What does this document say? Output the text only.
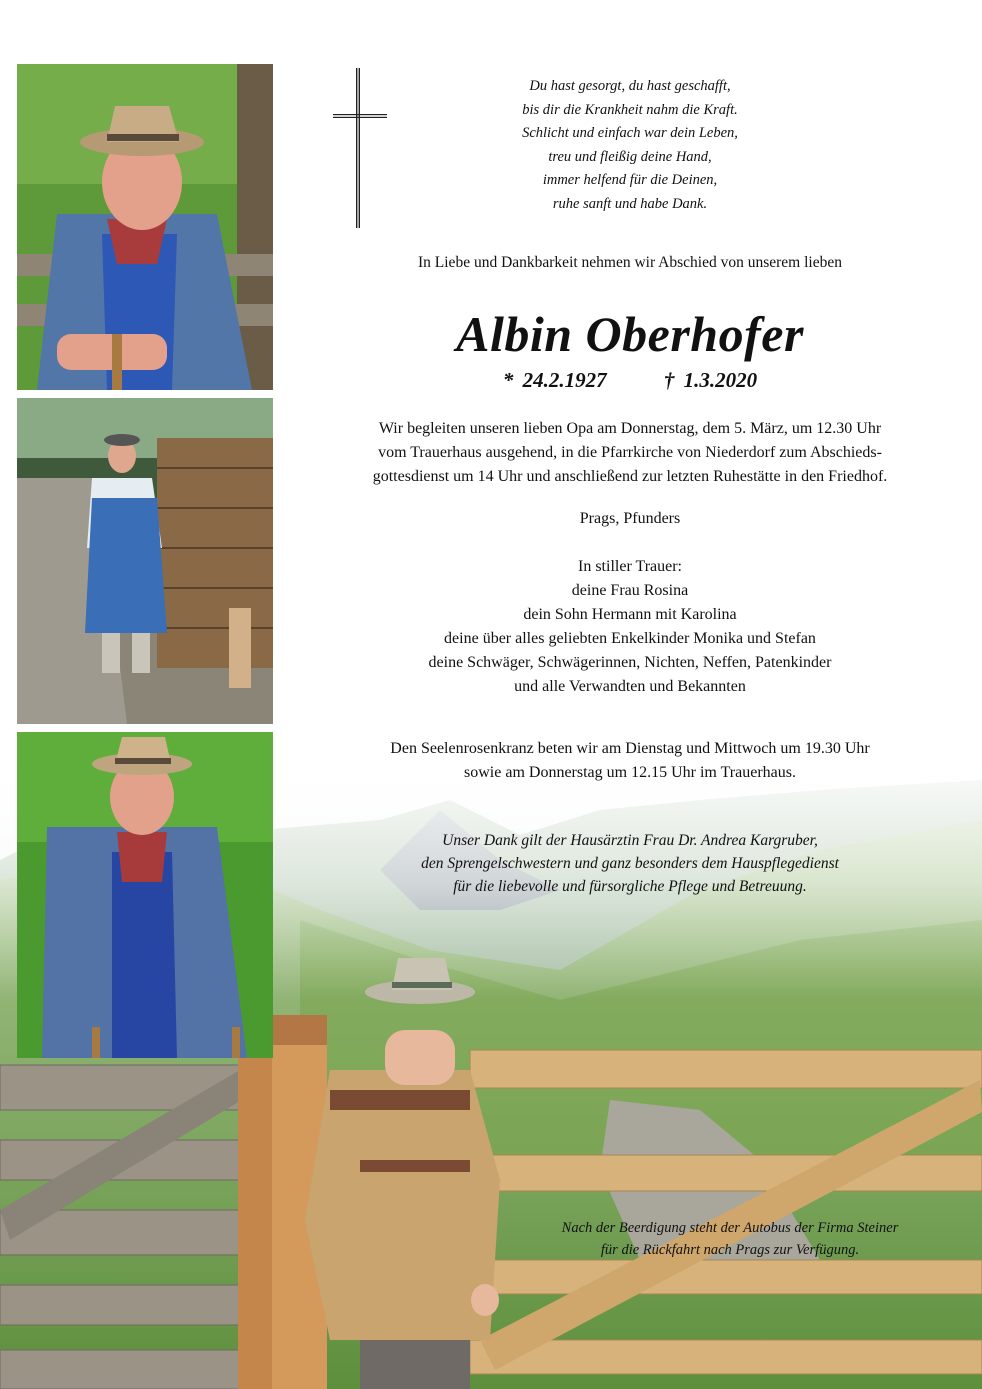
Du hast gesorgt, du hast geschafft,
bis dir die Krankheit nahm die Kraft.
Schlicht und einfach war dein Leben,
treu und fleißig deine Hand,
immer helfend für die Deinen,
ruhe sanft und habe Dank.
In Liebe und Dankbarkeit nehmen wir Abschied von unserem lieben
Albin Oberhofer
* 24.2.1927	† 1.3.2020

Wir begleiten unseren lieben Opa am Donnerstag, dem 5. März, um 12.30 Uhr

vom Trauerhaus ausgehend, in die Pfarrkirche von Niederdorf zum Abschieds-

gottesdienst um 14 Uhr und anschließend zur letzten Ruhestätte in den Friedhof.

Prags, Pfunders
In stiller Trauer:
deine Frau Rosina
dein Sohn Hermann mit Karolina
deine über alles geliebten Enkelkinder Monika und Stefan
deine Schwäger, Schwägerinnen, Nichten, Neffen, Patenkinder
und alle Verwandten und Bekannten
Den Seelenrosenkranz beten wir am Dienstag und Mittwoch um 19.30 Uhr
sowie am Donnerstag um 12.15 Uhr im Trauerhaus.
Unser Dank gilt der Hausärztin Frau Dr. Andrea Kargruber,
den Sprengelschwestern und ganz besonders dem Hauspflegedienst
für die liebevolle und fürsorgliche Pflege und Betreuung.
Nach der Beerdigung steht der Autobus der Firma Steiner
für die Rückfahrt nach Prags zur Verfügung.
